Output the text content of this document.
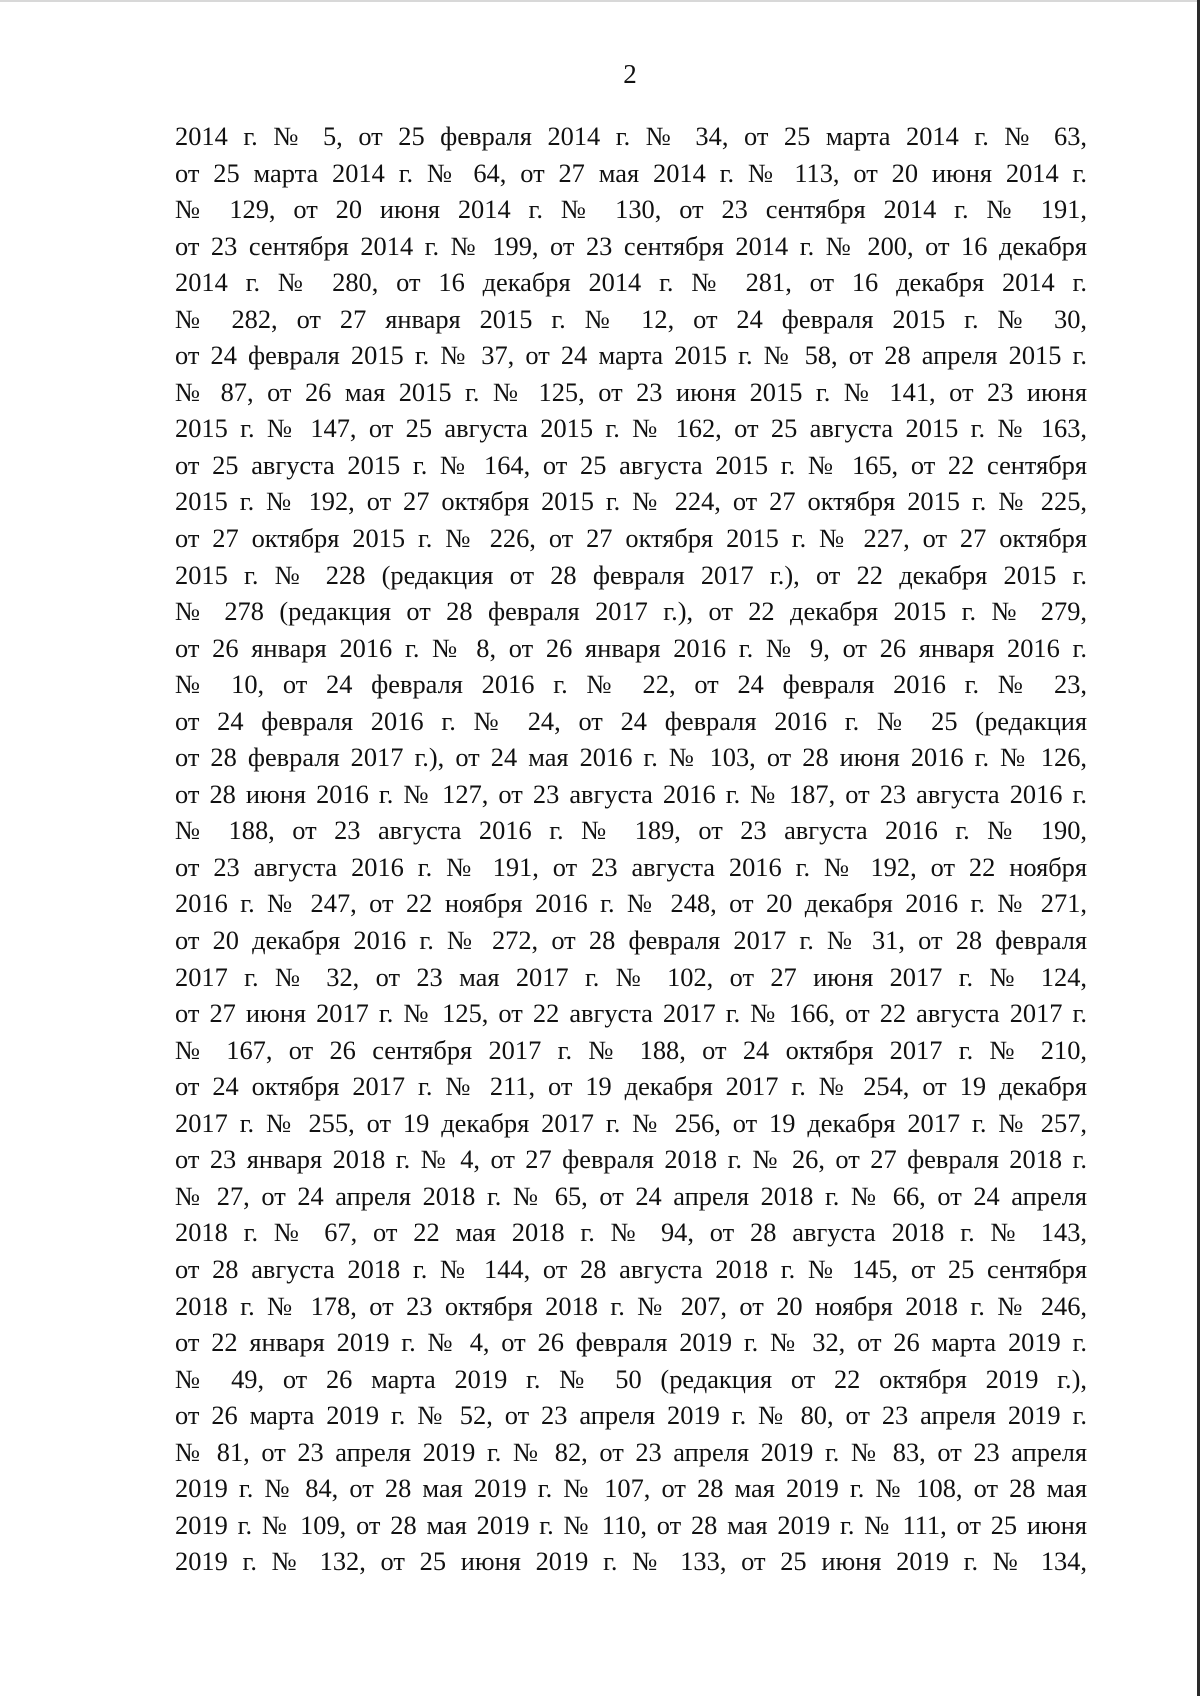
2
2014 г. № 5, от 25 февраля 2014 г. № 34, от 25 марта 2014 г. № 63,
от 25 марта 2014 г. № 64, от 27 мая 2014 г. № 113, от 20 июня 2014 г.
№ 129, от 20 июня 2014 г. № 130, от 23 сентября 2014 г. № 191,
от 23 сентября 2014 г. № 199, от 23 сентября 2014 г. № 200, от 16 декабря
2014 г. № 280, от 16 декабря 2014 г. № 281, от 16 декабря 2014 г.
№ 282, от 27 января 2015 г. № 12, от 24 февраля 2015 г. № 30,
от 24 февраля 2015 г. № 37, от 24 марта 2015 г. № 58, от 28 апреля 2015 г.
№ 87, от 26 мая 2015 г. № 125, от 23 июня 2015 г. № 141, от 23 июня
2015 г. № 147, от 25 августа 2015 г. № 162, от 25 августа 2015 г. № 163,
от 25 августа 2015 г. № 164, от 25 августа 2015 г. № 165, от 22 сентября
2015 г. № 192, от 27 октября 2015 г. № 224, от 27 октября 2015 г. № 225,
от 27 октября 2015 г. № 226, от 27 октября 2015 г. № 227, от 27 октября
2015 г. № 228 (редакция от 28 февраля 2017 г.), от 22 декабря 2015 г.
№ 278 (редакция от 28 февраля 2017 г.), от 22 декабря 2015 г. № 279,
от 26 января 2016 г. № 8, от 26 января 2016 г. № 9, от 26 января 2016 г.
№ 10, от 24 февраля 2016 г. № 22, от 24 февраля 2016 г. № 23,
от 24 февраля 2016 г. № 24, от 24 февраля 2016 г. № 25 (редакция
от 28 февраля 2017 г.), от 24 мая 2016 г. № 103, от 28 июня 2016 г. № 126,
от 28 июня 2016 г. № 127, от 23 августа 2016 г. № 187, от 23 августа 2016 г.
№ 188, от 23 августа 2016 г. № 189, от 23 августа 2016 г. № 190,
от 23 августа 2016 г. № 191, от 23 августа 2016 г. № 192, от 22 ноября
2016 г. № 247, от 22 ноября 2016 г. № 248, от 20 декабря 2016 г. № 271,
от 20 декабря 2016 г. № 272, от 28 февраля 2017 г. № 31, от 28 февраля
2017 г. № 32, от 23 мая 2017 г. № 102, от 27 июня 2017 г. № 124,
от 27 июня 2017 г. № 125, от 22 августа 2017 г. № 166, от 22 августа 2017 г.
№ 167, от 26 сентября 2017 г. № 188, от 24 октября 2017 г. № 210,
от 24 октября 2017 г. № 211, от 19 декабря 2017 г. № 254, от 19 декабря
2017 г. № 255, от 19 декабря 2017 г. № 256, от 19 декабря 2017 г. № 257,
от 23 января 2018 г. № 4, от 27 февраля 2018 г. № 26, от 27 февраля 2018 г.
№ 27, от 24 апреля 2018 г. № 65, от 24 апреля 2018 г. № 66, от 24 апреля
2018 г. № 67, от 22 мая 2018 г. № 94, от 28 августа 2018 г. № 143,
от 28 августа 2018 г. № 144, от 28 августа 2018 г. № 145, от 25 сентября
2018 г. № 178, от 23 октября 2018 г. № 207, от 20 ноября 2018 г. № 246,
от 22 января 2019 г. № 4, от 26 февраля 2019 г. № 32, от 26 марта 2019 г.
№ 49, от 26 марта 2019 г. № 50 (редакция от 22 октября 2019 г.),
от 26 марта 2019 г. № 52, от 23 апреля 2019 г. № 80, от 23 апреля 2019 г.
№ 81, от 23 апреля 2019 г. № 82, от 23 апреля 2019 г. № 83, от 23 апреля
2019 г. № 84, от 28 мая 2019 г. № 107, от 28 мая 2019 г. № 108, от 28 мая
2019 г. № 109, от 28 мая 2019 г. № 110, от 28 мая 2019 г. № 111, от 25 июня
2019 г. № 132, от 25 июня 2019 г. № 133, от 25 июня 2019 г. № 134,
